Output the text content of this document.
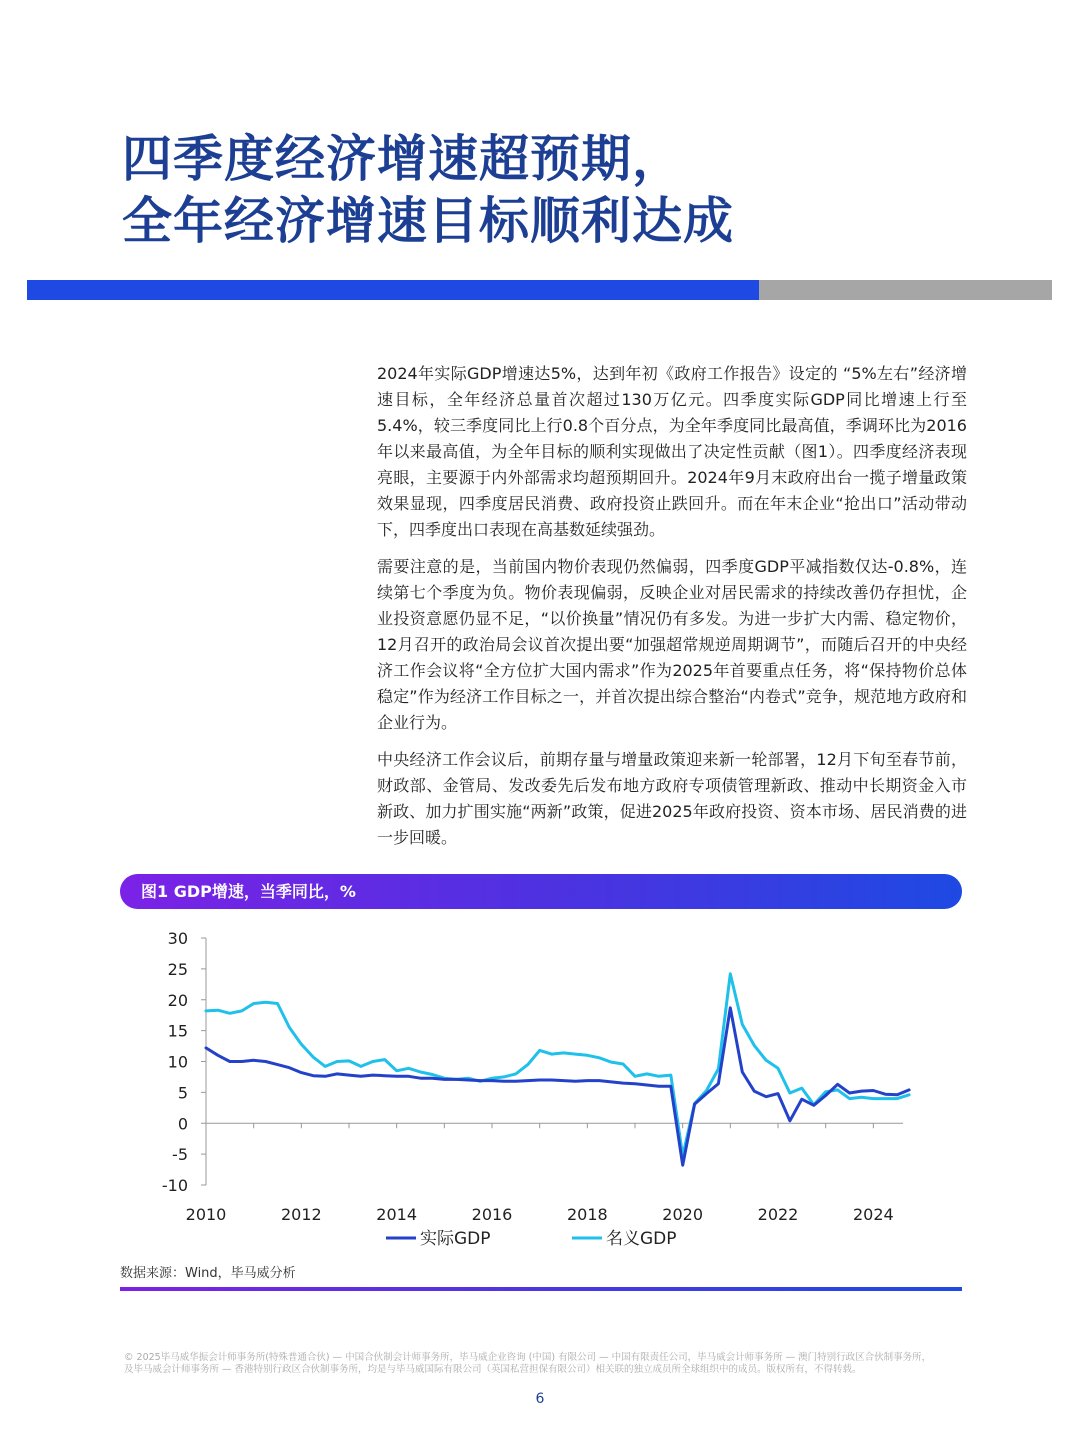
四季度经济增速超预期，
全年经济增速目标顺利达成

2024年实际GDP增速达5%，达到年初《政府工作报告》设定的 “5%左右”经济增速目标，全年经济总量首次超过130万亿元。四季度实际GDP同比增速上行至5.4%，较三季度同比上行0.8个百分点，为全年季度同比最高值，季调环比为2016年以来最高值，为全年目标的顺利实现做出了决定性贡献（图1）。四季度经济表现亮眼，主要源于内外部需求均超预期回升。2024年9月末政府出台一揽子增量政策效果显现，四季度居民消费、政府投资止跌回升。而在年末企业“抢出口”活动带动下，四季度出口表现在高基数延续强劲。

需要注意的是，当前国内物价表现仍然偏弱，四季度GDP平减指数仅达-0.8%，连续第七个季度为负。物价表现偏弱，反映企业对居民需求的持续改善仍存担忧，企业投资意愿仍显不足，“以价换量”情况仍有多发。为进一步扩大内需、稳定物价，12月召开的政治局会议首次提出要“加强超常规逆周期调节”，而随后召开的中央经济工作会议将“全方位扩大国内需求”作为2025年首要重点任务，将“保持物价总体稳定”作为经济工作目标之一，并首次提出综合整治“内卷式”竞争，规范地方政府和企业行为。

中央经济工作会议后，前期存量与增量政策迎来新一轮部署，12月下旬至春节前，财政部、金管局、发改委先后发布地方政府专项债管理新政、推动中长期资金入市新政、加力扩围实施“两新”政策，促进2025年政府投资、资本市场、居民消费的进一步回暖。

图1 GDP增速，当季同比，%
30
25
20
15
10
5
0
-5
-10
2010	2012	2014	2016	2018	2020	2022	2024
实际GDP	名义GDP
数据来源：Wind，毕马威分析
© 2025毕马威华振会计师事务所(特殊普通合伙) — 中国合伙制会计师事务所，毕马威企业咨询 (中国) 有限公司 — 中国有限责任公司，毕马威会计师事务所 — 澳门特别行政区合伙制事务所，
及毕马威会计师事务所 — 香港特别行政区合伙制事务所，均是与毕马威国际有限公司（英国私营担保有限公司）相关联的独立成员所全球组织中的成员。版权所有，不得转载。
6
